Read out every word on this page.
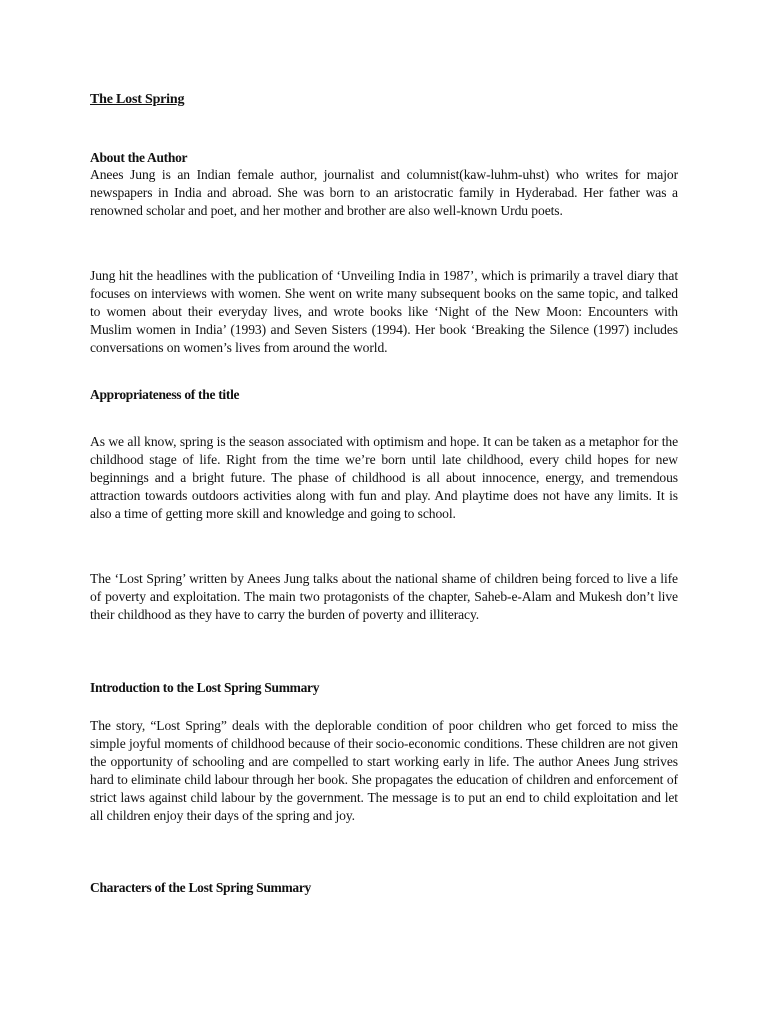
The Lost Spring
About the Author

Anees Jung is an Indian female author, journalist and columnist(kaw-luhm-uhst) who writes for major newspapers in India and abroad. She was born to an aristocratic family in Hyderabad. Her father was a renowned scholar and poet, and her mother and brother are also well-known Urdu poets.

Jung hit the headlines with the publication of ‘Unveiling India in 1987’, which is primarily a travel diary that focuses on interviews with women. She went on write many subsequent books on the same topic, and talked to women about their everyday lives, and wrote books like ‘Night of the New Moon: Encounters with Muslim women in India’ (1993) and Seven Sisters (1994). Her book ‘Breaking the Silence (1997) includes conversations on women’s lives from around the world.

Appropriateness of the title

As we all know, spring is the season associated with optimism and hope. It can be taken as a metaphor for the childhood stage of life. Right from the time we’re born until late childhood, every child hopes for new beginnings and a bright future. The phase of childhood is all about innocence, energy, and tremendous attraction towards outdoors activities along with fun and play. And playtime does not have any limits. It is also a time of getting more skill and knowledge and going to school.

The ‘Lost Spring’ written by Anees Jung talks about the national shame of children being forced to live a life of poverty and exploitation. The main two protagonists of the chapter, Saheb-e-Alam and Mukesh don’t live their childhood as they have to carry the burden of poverty and illiteracy.

Introduction to the Lost Spring Summary

The story, “Lost Spring” deals with the deplorable condition of poor children who get forced to miss the simple joyful moments of childhood because of their socio-economic conditions. These children are not given the opportunity of schooling and are compelled to start working early in life. The author Anees Jung strives hard to eliminate child labour through her book. She propagates the education of children and enforcement of strict laws against child labour by the government. The message is to put an end to child exploitation and let all children enjoy their days of the spring and joy.

Characters of the Lost Spring Summary
